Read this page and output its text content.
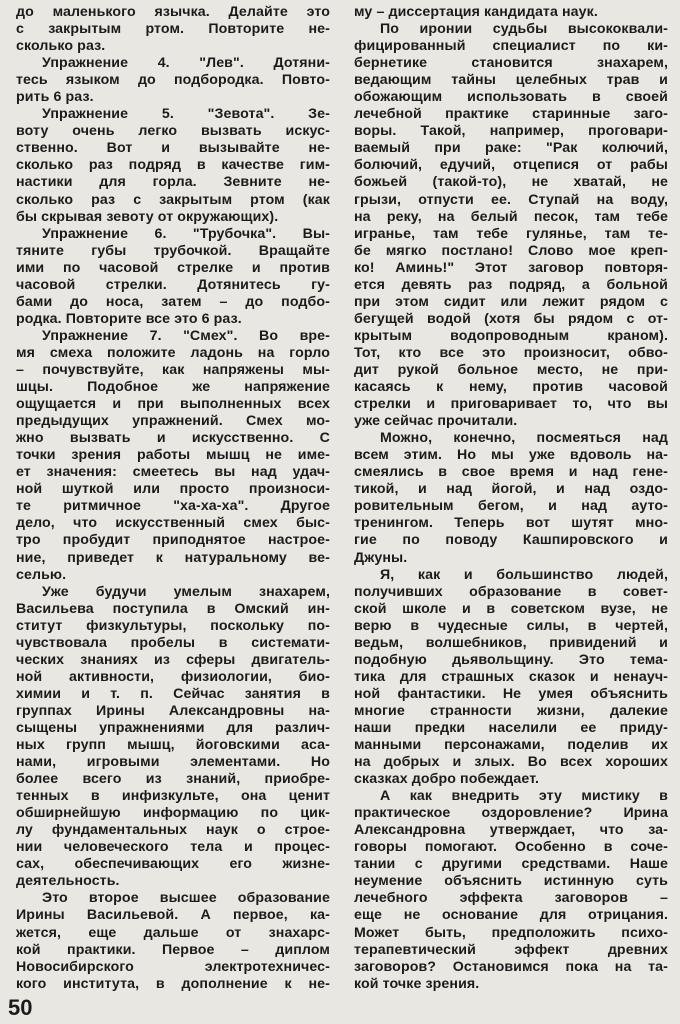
до маленького язычка. Делайте это
с закрытым ртом. Повторите не-
сколько раз.
Упражнение 4. "Лев". Дотяни-
тесь языком до подбородка. Повто-
рить 6 раз.
Упражнение 5. "Зевота". Зе-
воту очень легко вызвать искус-
ственно. Вот и вызывайте не-
сколько раз подряд в качестве гим-
настики для горла. Зевните не-
сколько раз с закрытым ртом (как
бы скрывая зевоту от окружающих).
Упражнение 6. "Трубочка". Вы-
тяните губы трубочкой. Вращайте
ими по часовой стрелке и против
часовой стрелки. Дотянитесь гу-
бами до носа, затем – до подбо-
родка. Повторите все это 6 раз.
Упражнение 7. "Смех". Во вре-
мя смеха положите ладонь на горло
– почувствуйте, как напряжены мы-
шцы. Подобное же напряжение
ощущается и при выполненных всех
предыдущих упражнений. Смех мо-
жно вызвать и искусственно. С
точки зрения работы мышц не име-
ет значения: смеетесь вы над удач-
ной шуткой или просто произноси-
те ритмичное "ха-ха-ха". Другое
дело, что искусственный смех быс-
тро пробудит приподнятое настрое-
ние, приведет к натуральному ве-
селью.
Уже будучи умелым знахарем,
Васильева поступила в Омский ин-
ститут физкультуры, поскольку по-
чувствовала пробелы в системати-
ческих знаниях из сферы двигатель-
ной активности, физиологии, био-
химии и т. п. Сейчас занятия в
группах Ирины Александровны на-
сыщены упражнениями для различ-
ных групп мышц, йоговскими аса-
нами, игровыми элементами. Но
более всего из знаний, приобре-
тенных в инфизкульте, она ценит
обширнейшую информацию по цик-
лу фундаментальных наук о строе-
нии человеческого тела и процес-
сах, обеспечивающих его жизне-
деятельность.
Это второе высшее образование
Ирины Васильевой. А первое, ка-
жется, еще дальше от знахарс-
кой практики. Первое – диплом
Новосибирского электротехничес-
кого института, в дополнение к не-
му – диссертация кандидата наук.
По иронии судьбы высококвали-
фицированный специалист по ки-
бернетике становится знахарем,
ведающим тайны целебных трав и
обожающим использовать в своей
лечебной практике старинные заго-
воры. Такой, например, проговари-
ваемый при раке: "Рак колючий,
болючий, едучий, отцепися от рабы
божьей (такой-то), не хватай, не
грызи, отпусти ее. Ступай на воду,
на реку, на белый песок, там тебе
игранье, там тебе гулянье, там те-
бе мягко постлано! Слово мое креп-
ко! Аминь!" Этот заговор повторя-
ется девять раз подряд, а больной
при этом сидит или лежит рядом с
бегущей водой (хотя бы рядом с от-
крытым водопроводным краном).
Тот, кто все это произносит, обво-
дит рукой больное место, не при-
касаясь к нему, против часовой
стрелки и приговаривает то, что вы
уже сейчас прочитали.
Можно, конечно, посмеяться над
всем этим. Но мы уже вдоволь на-
смеялись в свое время и над гене-
тикой, и над йогой, и над оздо-
ровительным бегом, и над ауто-
тренингом. Теперь вот шутят мно-
гие по поводу Кашпировского и
Джуны.
Я, как и большинство людей,
получивших образование в совет-
ской школе и в советском вузе, не
верю в чудесные силы, в чертей,
ведьм, волшебников, привидений и
подобную дьявольщину. Это тема-
тика для страшных сказок и ненауч-
ной фантастики. Не умея объяснить
многие странности жизни, далекие
наши предки населили ее приду-
манными персонажами, поделив их
на добрых и злых. Во всех хороших
сказках добро побеждает.
А как внедрить эту мистику в
практическое оздоровление? Ирина
Александровна утверждает, что за-
говоры помогают. Особенно в соче-
тании с другими средствами. Наше
неумение объяснить истинную суть
лечебного эффекта заговоров –
еще не основание для отрицания.
Может быть, предположить психо-
терапевтический эффект древних
заговоров? Остановимся пока на та-
кой точке зрения.
50
